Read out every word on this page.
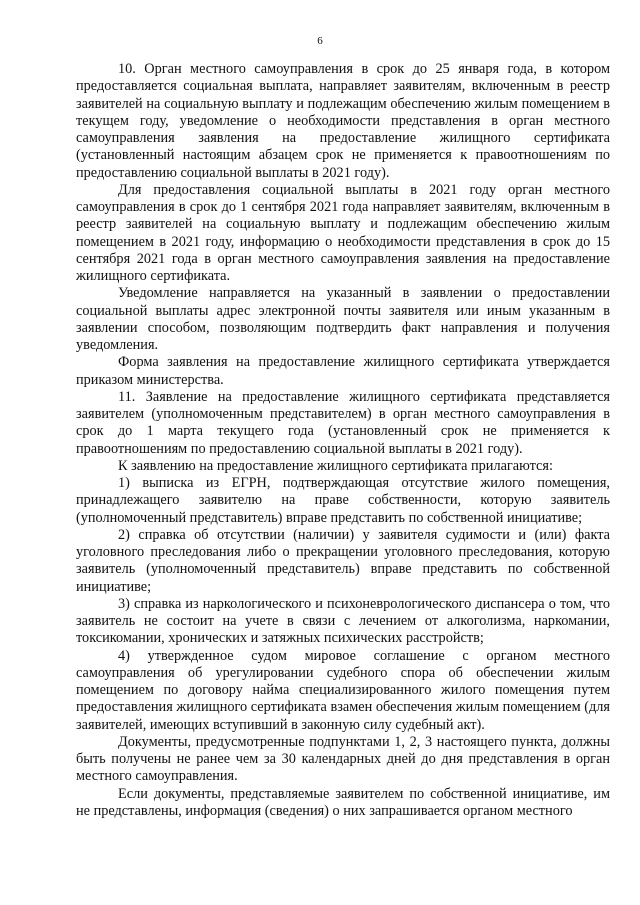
6

10. Орган местного самоуправления в срок до 25 января года, в котором предоставляется социальная выплата, направляет заявителям, включенным в реестр заявителей на социальную выплату и подлежащим обеспечению жилым помещением в текущем году, уведомление о необходимости представления в орган местного самоуправления заявления на предоставление жилищного сертификата (установленный настоящим абзацем срок не применяется к правоотношениям по предоставлению социальной выплаты в 2021 году).

Для предоставления социальной выплаты в 2021 году орган местного самоуправления в срок до 1 сентября 2021 года направляет заявителям, включенным в реестр заявителей на социальную выплату и подлежащим обеспечению жилым помещением в 2021 году, информацию о необходимости представления в срок до 15 сентября 2021 года в орган местного самоуправления заявления на предоставление жилищного сертификата.

Уведомление направляется на указанный в заявлении о предоставлении социальной выплаты адрес электронной почты заявителя или иным указанным в заявлении способом, позволяющим подтвердить факт направления и получения уведомления.

Форма заявления на предоставление жилищного сертификата утверждается приказом министерства.

11. Заявление на предоставление жилищного сертификата представляется заявителем (уполномоченным представителем) в орган местного самоуправления в срок до 1 марта текущего года (установленный срок не применяется к правоотношениям по предоставлению социальной выплаты в 2021 году).

К заявлению на предоставление жилищного сертификата прилагаются:

1) выписка из ЕГРН, подтверждающая отсутствие жилого помещения, принадлежащего заявителю на праве собственности, которую заявитель (уполномоченный представитель) вправе представить по собственной инициативе;

2) справка об отсутствии (наличии) у заявителя судимости и (или) факта уголовного преследования либо о прекращении уголовного преследования, которую заявитель (уполномоченный представитель) вправе представить по собственной инициативе;

3) справка из наркологического и психоневрологического диспансера о том, что заявитель не состоит на учете в связи с лечением от алкоголизма, наркомании, токсикомании, хронических и затяжных психических расстройств;

4) утвержденное судом мировое соглашение с органом местного самоуправления об урегулировании судебного спора об обеспечении жилым помещением по договору найма специализированного жилого помещения путем предоставления жилищного сертификата взамен обеспечения жилым помещением (для заявителей, имеющих вступивший в законную силу судебный акт).

Документы, предусмотренные подпунктами 1, 2, 3 настоящего пункта, должны быть получены не ранее чем за 30 календарных дней до дня представления в орган местного самоуправления.

Если документы, представляемые заявителем по собственной инициативе, им не представлены, информация (сведения) о них запрашивается органом местного
